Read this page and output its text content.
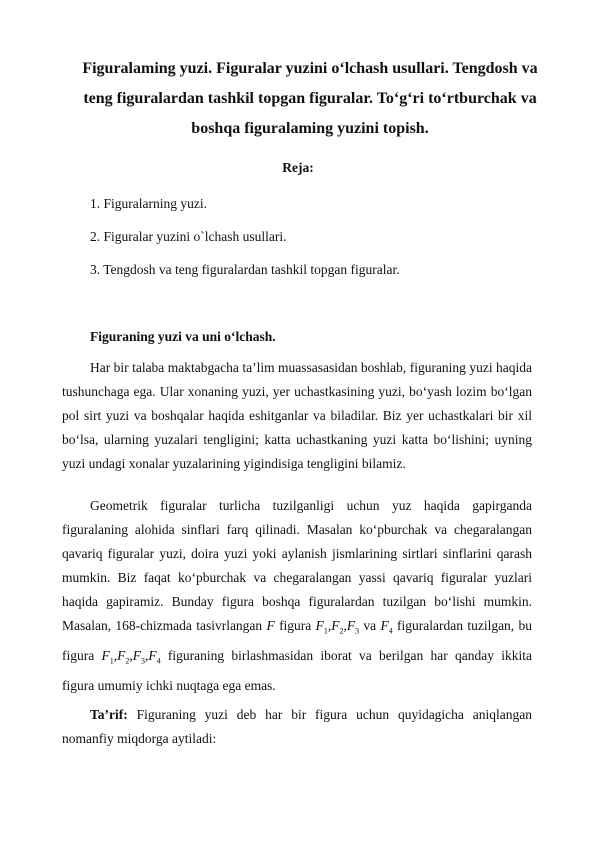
Figuralaming yuzi. Figuralar yuzini o‘lchash usullari. Tengdosh va
teng figuralardan tashkil topgan figuralar. To‘g‘ri to‘rtburchak va
boshqa figuralaming yuzini topish.

Reja:

1. Figuralarning yuzi.

2. Figuralar yuzini o`lchash usullari.

3. Tengdosh va teng figuralardan tashkil topgan figuralar.

Figuraning yuzi va uni o‘lchash.

Har bir talaba maktabgacha ta’lim muassasasidan boshlab, figuraning yuzi haqida tushunchaga ega. Ular xonaning yuzi, yer uchastkasining yuzi, bo‘yash lozim bo‘lgan pol sirt yuzi va boshqalar haqida eshitganlar va biladilar. Biz yer uchastkalari bir xil bo‘lsa, ularning yuzalari tengligini; katta uchastkaning yuzi katta bo‘lishini; uyning yuzi undagi xonalar yuzalarining yigindisiga tengligini bilamiz.

Geometrik figuralar turlicha tuzilganligi uchun yuz haqida gapirganda figuralaning alohida sinflari farq qilinadi. Masalan ko‘pburchak va chegaralangan qavariq figuralar yuzi, doira yuzi yoki aylanish jismlarining sirtlari sinflarini qarash mumkin. Biz faqat ko‘pburchak va chegaralangan yassi qavariq figuralar yuzlari haqida gapiramiz. Bunday figura boshqa figuralardan tuzilgan bo‘lishi mumkin. Masalan, 168-chizmada tasivrlangan F figura $F_1,F_2,F_3$ va $F_4$ figuralardan tuzilgan, bu figura $F_1,F_2,F_3,F_4$ figuraning birlashmasidan iborat va berilgan har qanday ikkita figura umumiy ichki nuqtaga ega emas.

Ta’rif: Figuraning yuzi deb har bir figura uchun quyidagicha aniqlangan nomanfiy miqdorga aytiladi:
